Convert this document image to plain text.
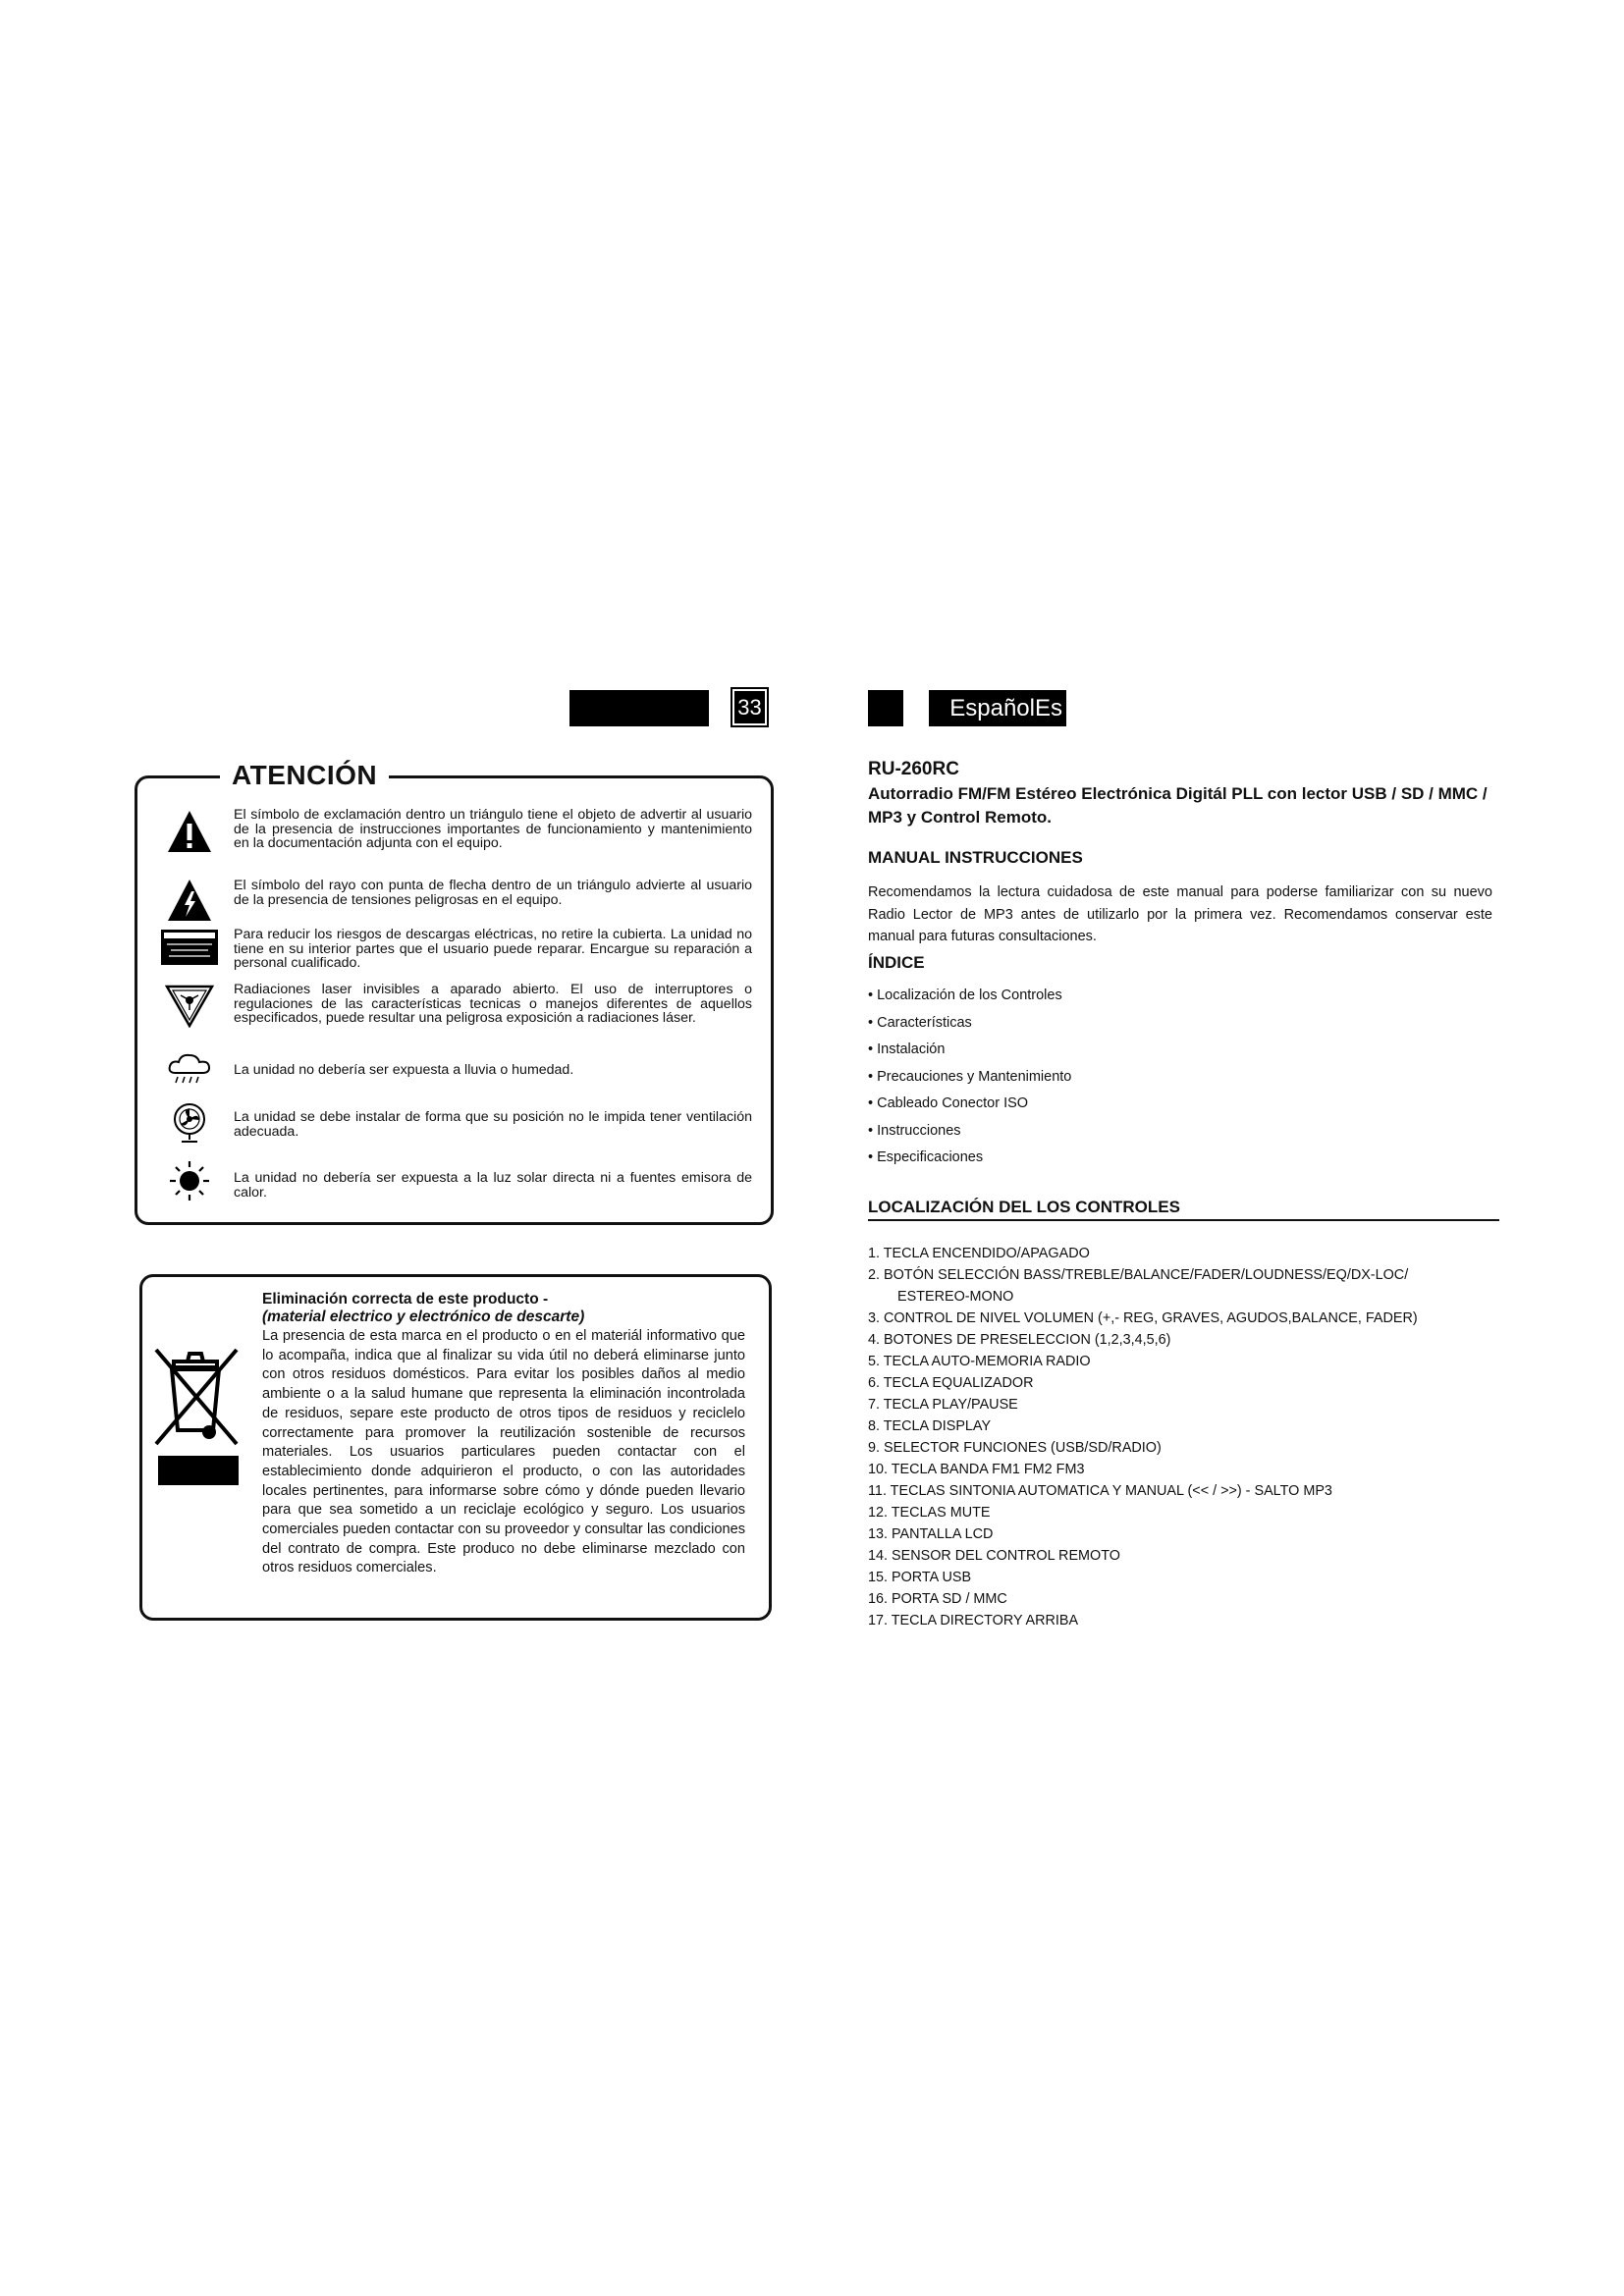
33	EspañolEs
El símbolo de exclamación dentro un triángulo tiene el objeto de advertir al usuario de la presencia de instrucciones importantes de funcionamiento y mantenimiento en la documentación adjunta con el equipo.
El símbolo del rayo con punta de flecha dentro de un triángulo advierte al usuario de la presencia de tensiones peligrosas en el equipo.
Para reducir los riesgos de descargas eléctricas, no retire la cubierta. La unidad no tiene en su interior partes que el usuario puede reparar. Encargue su reparación a personal cualificado.
Radiaciones laser invisibles a aparado abierto. El uso de interruptores o regulaciones de las características tecnicas o manejos diferentes de aquellos especificados, puede resultar una peligrosa exposición a radiaciones láser.
La unidad no debería ser expuesta a lluvia o humedad.
La unidad se debe instalar de forma que su posición no le impida tener ventilación adecuada.
La unidad no debería ser expuesta a la luz solar directa ni a fuentes emisora de calor.
ATENCIÓN
Eliminación correcta de este producto -
(material electrico y electrónico de descarte)
La presencia de esta marca en el producto o en el materiál informativo que lo acompaña, indica que al finalizar su vida útil no deberá eliminarse junto con otros residuos domésticos. Para evitar los posibles daños al medio ambiente o a la salud humane que representa la eliminación incontrolada de residuos, separe este producto de otros tipos de residuos y reciclelo correctamente para promover la reutilización sostenible de recursos materiales. Los usuarios particulares pueden contactar con el establecimiento donde adquirieron el producto, o con las autoridades locales pertinentes, para informarse sobre cómo y dónde pueden llevario para que sea sometido a un reciclaje ecológico y seguro. Los usuarios comerciales pueden contactar con su proveedor y consultar las condiciones del contrato de compra. Este produco no debe eliminarse mezclado con otros residuos comerciales.
RU-260RC
Autorradio FM/FM Estéreo Electrónica Digitál PLL con lector USB / SD / MMC / MP3 y Control Remoto.
MANUAL INSTRUCCIONES
Recomendamos la lectura cuidadosa de este manual para poderse familiarizar con su nuevo Radio Lector de MP3 antes de utilizarlo por la primera vez. Recomendamos conservar este manual para futuras consultaciones.
ÍNDICE
• Localización de los Controles
• Características
• Instalación
• Precauciones y Mantenimiento
• Cableado Conector ISO
• Instrucciones
• Especificaciones
LOCALIZACIÓN DEL LOS CONTROLES
1. TECLA ENCENDIDO/APAGADO
2. BOTÓN SELECCIÓN BASS/TREBLE/BALANCE/FADER/LOUDNESS/EQ/DX-LOC/
ESTEREO-MONO
3. CONTROL DE NIVEL VOLUMEN (+,- REG, GRAVES, AGUDOS,BALANCE, FADER)
4. BOTONES DE PRESELECCION (1,2,3,4,5,6)
5. TECLA AUTO-MEMORIA RADIO
6. TECLA EQUALIZADOR
7. TECLA PLAY/PAUSE
8. TECLA DISPLAY
9. SELECTOR FUNCIONES (USB/SD/RADIO)
10. TECLA BANDA FM1 FM2 FM3
11. TECLAS SINTONIA AUTOMATICA Y MANUAL (<< / >>) - SALTO MP3
12. TECLAS MUTE
13. PANTALLA LCD
14. SENSOR DEL CONTROL REMOTO
15. PORTA USB
16. PORTA SD / MMC
17. TECLA DIRECTORY ARRIBA
